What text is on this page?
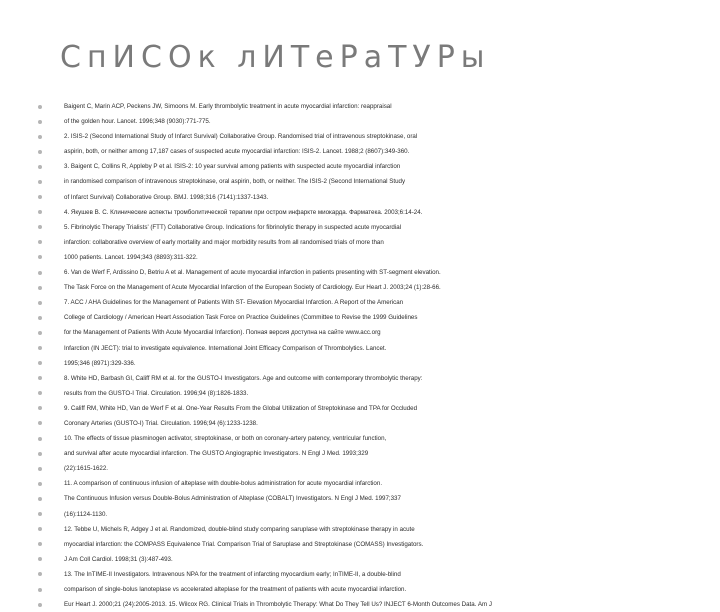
СпИСОк лИТеРаТУРы
Baigent C, Marin ACP, Peckens JW, Simoons M. Early thrombolytic treatment in acute myocardial infarction: reappraisal
of the golden hour. Lancet. 1996;348 (9030):771-775.
2. ISIS-2 (Second International Study of Infarct Survival) Collaborative Group. Randomised trial of intravenous streptokinase, oral
aspirin, both, or neither among 17,187 cases of suspected acute myocardial infarction: ISIS-2. Lancet. 1988;2 (8607):349-360.
3. Baigent C, Collins R, Appleby P et al. ISIS-2: 10 year survival among patients with suspected acute myocardial infarction
in randomised comparison of intravenous streptokinase, oral aspirin, both, or neither. The ISIS-2 (Second International Study
of Infarct Survival) Collaborative Group. BMJ. 1998;316 (7141):1337-1343.
4. Якушев В. С. Клинические аспекты тромболитической терапии при остром инфаркте миокарда. Фарматека. 2003;6:14-24.
5. Fibrinolytic Therapy Trialists' (FTT) Collaborative Group. Indications for fibrinolytic therapy in suspected acute myocardial
infarction: collaborative overview of early mortality and major morbidity results from all randomised trials of more than
1000 patients. Lancet. 1994;343 (8893):311-322.
6. Van de Werf F, Ardissino D, Betriu A et al. Management of acute myocardial infarction in patients presenting with ST-segment elevation.
The Task Force on the Management of Acute Myocardial Infarction of the European Society of Cardiology. Eur Heart J. 2003;24 (1):28-66.
7. ACC / AHA Guidelines for the Management of Patients With ST- Elevation Myocardial Infarction. A Report of the American
College of Cardiology / American Heart Association Task Force on Practice Guidelines (Committee to Revise the 1999 Guidelines
for the Management of Patients With Acute Myocardial Infarction). Полная версия доступна на сайте www.acc.org
Infarction (IN JECT): trial to investigate equivalence. International Joint Efficacy Comparison of Thrombolytics. Lancet.
1995;346 (8971):329-336.
8. White HD, Barbash GI, Califf RM et al. for the GUSTO-I Investigators. Age and outcome with contemporary thrombolytic therapy:
results from the GUSTO-I Trial. Circulation. 1996;94 (8):1826-1833.
9. Califf RM, White HD, Van de Werf F et al. One-Year Results From the Global Utilization of Streptokinase and TPA for Occluded
Coronary Arteries (GUSTO-I) Trial. Circulation. 1996;94 (6):1233-1238.
10. The effects of tissue plasminogen activator, streptokinase, or both on coronary-artery patency, ventricular function,
and survival after acute myocardial infarction. The GUSTO Angiographic Investigators. N Engl J Med. 1993;329
(22):1615-1622.
11. A comparison of continuous infusion of alteplase with double-bolus administration for acute myocardial infarction.
The Continuous Infusion versus Double-Bolus Administration of Alteplase (COBALT) Investigators. N Engl J Med. 1997;337
(16):1124-1130.
12. Tebbe U, Michels R, Adgey J et al. Randomized, double-blind study comparing saruplase with streptokinase therapy in acute
myocardial infarction: the COMPASS Equivalence Trial. Comparison Trial of Saruplase and Streptokinase (COMASS) Investigators.
J Am Coll Cardiol. 1998;31 (3):487-493.
13. The InTIME-II Investigators. Intravenous NPA for the treatment of infarcting myocardium early; InTIME-II, a double-blind
comparison of single-bolus lanoteplase vs accelerated alteplase for the treatment of patients with acute myocardial infarction.
Eur Heart J. 2000;21 (24):2005-2013. 15. Wilcox RG. Clinical Trials in Thrombolytic Therapy: What Do They Tell Us? INJECT 6-Month Outcomes Data. Am J
